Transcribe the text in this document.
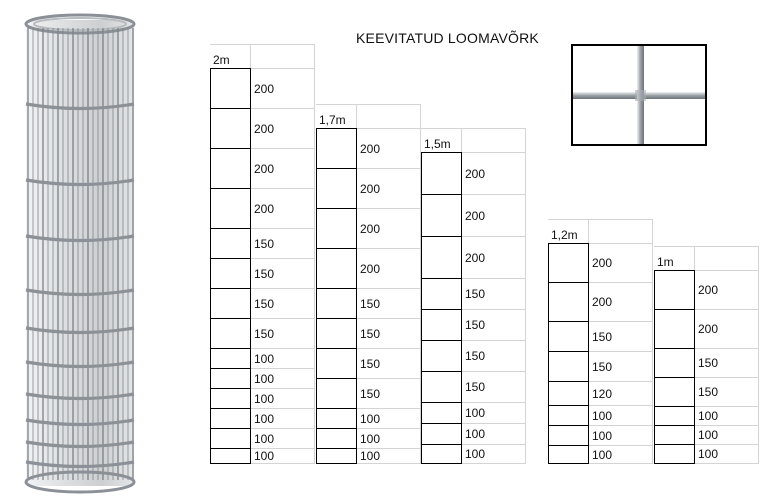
KEEVITATUD LOOMAVÕRK
2m
200
200
200
200
150
150
150
150
100
100
100
100
100
100
1,7m
200
200
200
200
150
150
150
150
100
100
100
1,5m
200
200
200
150
150
150
150
100
100
100
1,2m
200
200
150
150
120
100
100
100
1m
200
200
150
150
100
100
100
